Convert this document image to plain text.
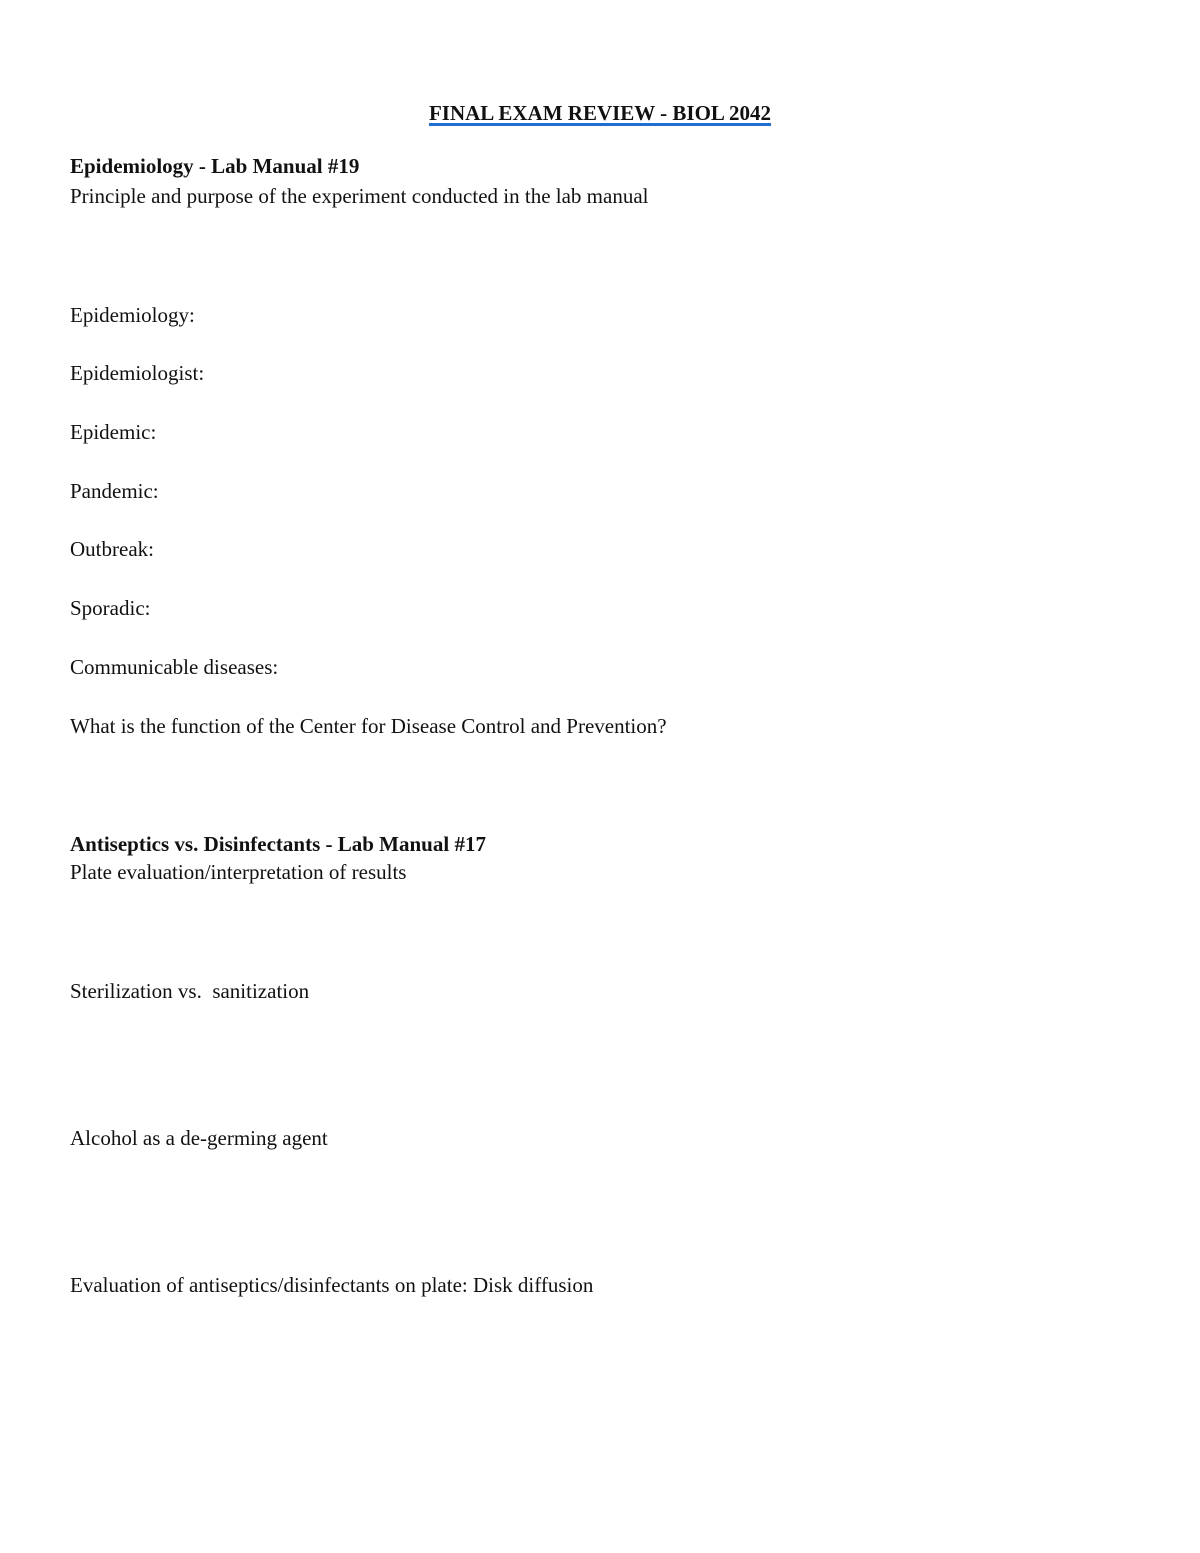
FINAL EXAM REVIEW - BIOL 2042
Epidemiology - Lab Manual #19
Principle and purpose of the experiment conducted in the lab manual
Epidemiology:
Epidemiologist:
Epidemic:
Pandemic:
Outbreak:
Sporadic:
Communicable diseases:
What is the function of the Center for Disease Control and Prevention?
Antiseptics vs. Disinfectants - Lab Manual #17
Plate evaluation/interpretation of results
Sterilization vs.  sanitization
Alcohol as a de-germing agent
Evaluation of antiseptics/disinfectants on plate: Disk diffusion
